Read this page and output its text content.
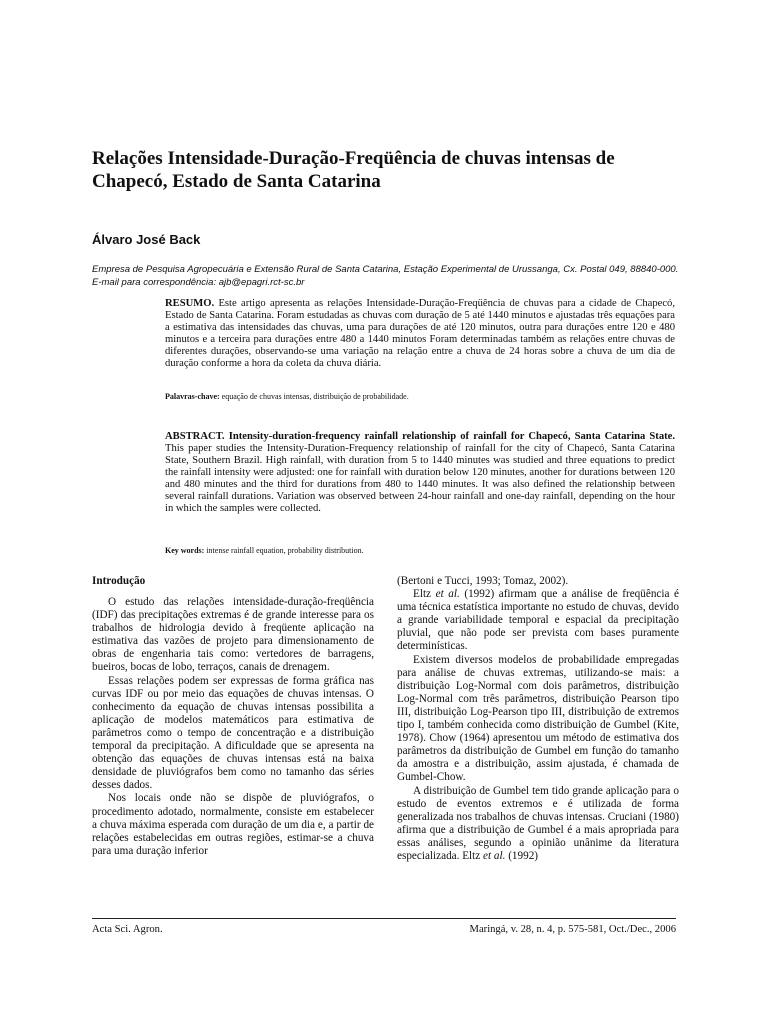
Relações Intensidade-Duração-Freqüência de chuvas intensas de Chapecó, Estado de Santa Catarina

Álvaro José Back

Empresa de Pesquisa Agropecuária e Extensão Rural de Santa Catarina, Estação Experimental de Urussanga, Cx. Postal 049, 88840-000. E-mail para correspondência: ajb@epagri.rct-sc.br

RESUMO. Este artigo apresenta as relações Intensidade-Duração-Freqüência de chuvas para a cidade de Chapecó, Estado de Santa Catarina. Foram estudadas as chuvas com duração de 5 até 1440 minutos e ajustadas três equações para a estimativa das intensidades das chuvas, uma para durações de até 120 minutos, outra para durações entre 120 e 480 minutos e a terceira para durações entre 480 a 1440 minutos Foram determinadas também as relações entre chuvas de diferentes durações, observando-se uma variação na relação entre a chuva de 24 horas sobre a chuva de um dia de duração conforme a hora da coleta da chuva diária.

Palavras-chave: equação de chuvas intensas, distribuição de probabilidade.

ABSTRACT. Intensity-duration-frequency rainfall relationship of rainfall for Chapecó, Santa Catarina State. This paper studies the Intensity-Duration-Frequency relationship of rainfall for the city of Chapecó, Santa Catarina State, Southern Brazil. High rainfall, with duration from 5 to 1440 minutes was studied and three equations to predict the rainfall intensity were adjusted: one for rainfall with duration below 120 minutes, another for durations between 120 and 480 minutes and the third for durations from 480 to 1440 minutes. It was also defined the relationship between several rainfall durations. Variation was observed between 24-hour rainfall and one-day rainfall, depending on the hour in which the samples were collected.

Key words: intense rainfall equation, probability distribution.

Introdução

O estudo das relações intensidade-duração-freqüência (IDF) das precipitações extremas é de grande interesse para os trabalhos de hidrologia devido à freqüente aplicação na estimativa das vazões de projeto para dimensionamento de obras de engenharia tais como: vertedores de barragens, bueiros, bocas de lobo, terraços, canais de drenagem.

Essas relações podem ser expressas de forma gráfica nas curvas IDF ou por meio das equações de chuvas intensas. O conhecimento da equação de chuvas intensas possibilita a aplicação de modelos matemáticos para estimativa de parâmetros como o tempo de concentração e a distribuição temporal da precipitação. A dificuldade que se apresenta na obtenção das equações de chuvas intensas está na baixa densidade de pluviógrafos bem como no tamanho das séries desses dados.

Nos locais onde não se dispõe de pluviógrafos, o procedimento adotado, normalmente, consiste em estabelecer a chuva máxima esperada com duração de um dia e, a partir de relações estabelecidas em outras regiões, estimar-se a chuva para uma duração inferior

(Bertoni e Tucci, 1993; Tomaz, 2002).

Eltz et al. (1992) afirmam que a análise de freqüência é uma técnica estatística importante no estudo de chuvas, devido a grande variabilidade temporal e espacial da precipitação pluvial, que não pode ser prevista com bases puramente determinísticas.

Existem diversos modelos de probabilidade empregadas para análise de chuvas extremas, utilizando-se mais: a distribuição Log-Normal com dois parâmetros, distribuição Log-Normal com três parâmetros, distribuição Pearson tipo III, distribuição Log-Pearson tipo III, distribuição de extremos tipo I, também conhecida como distribuição de Gumbel (Kite, 1978). Chow (1964) apresentou um método de estimativa dos parâmetros da distribuição de Gumbel em função do tamanho da amostra e a distribuição, assim ajustada, é chamada de Gumbel-Chow.

A distribuição de Gumbel tem tido grande aplicação para o estudo de eventos extremos e é utilizada de forma generalizada nos trabalhos de chuvas intensas. Cruciani (1980) afirma que a distribuição de Gumbel é a mais apropriada para essas análises, segundo a opinião unânime da literatura especializada. Eltz et al. (1992)

Acta Sci. Agron.	Maringá, v. 28, n. 4, p. 575-581, Oct./Dec., 2006
